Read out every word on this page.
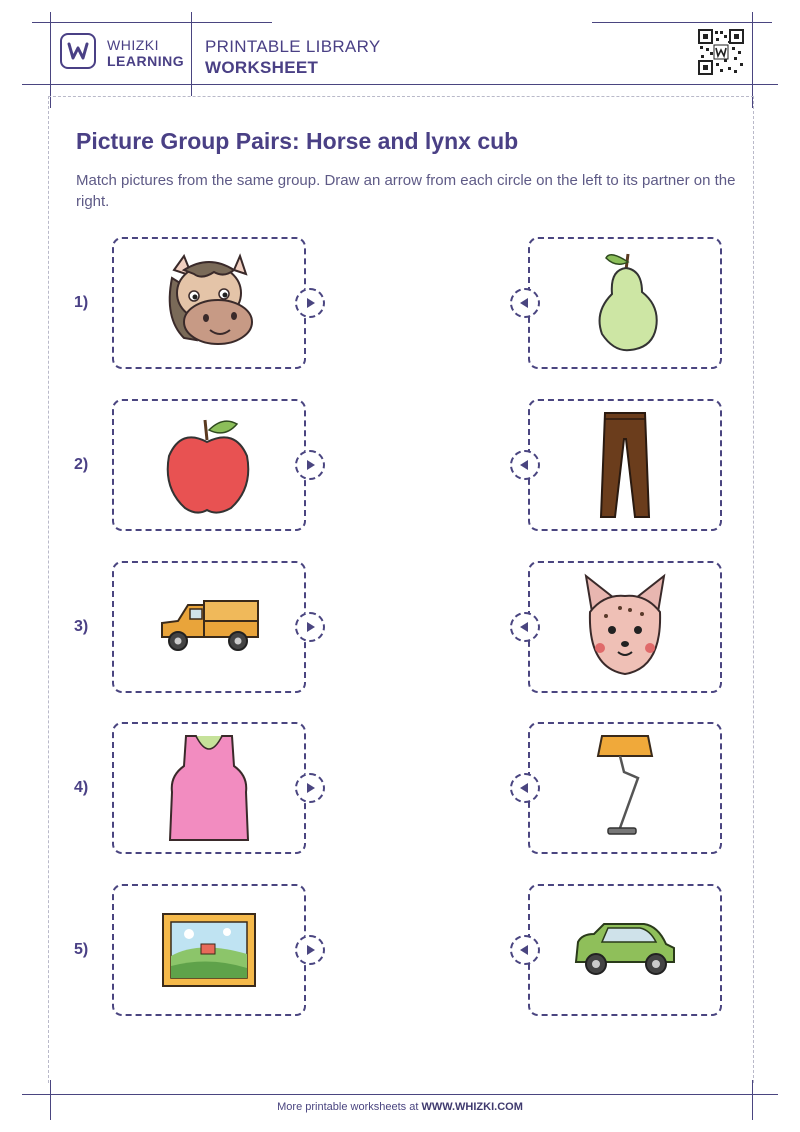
WHIZKI
LEARNING
PRINTABLE LIBRARY
WORKSHEET
Picture Group Pairs: Horse and lynx cub
Match pictures from the same group. Draw an arrow from each circle on the left to its partner on the right.
1)
2)
3)
4)
5)
More printable worksheets at WWW.WHIZKI.COM
